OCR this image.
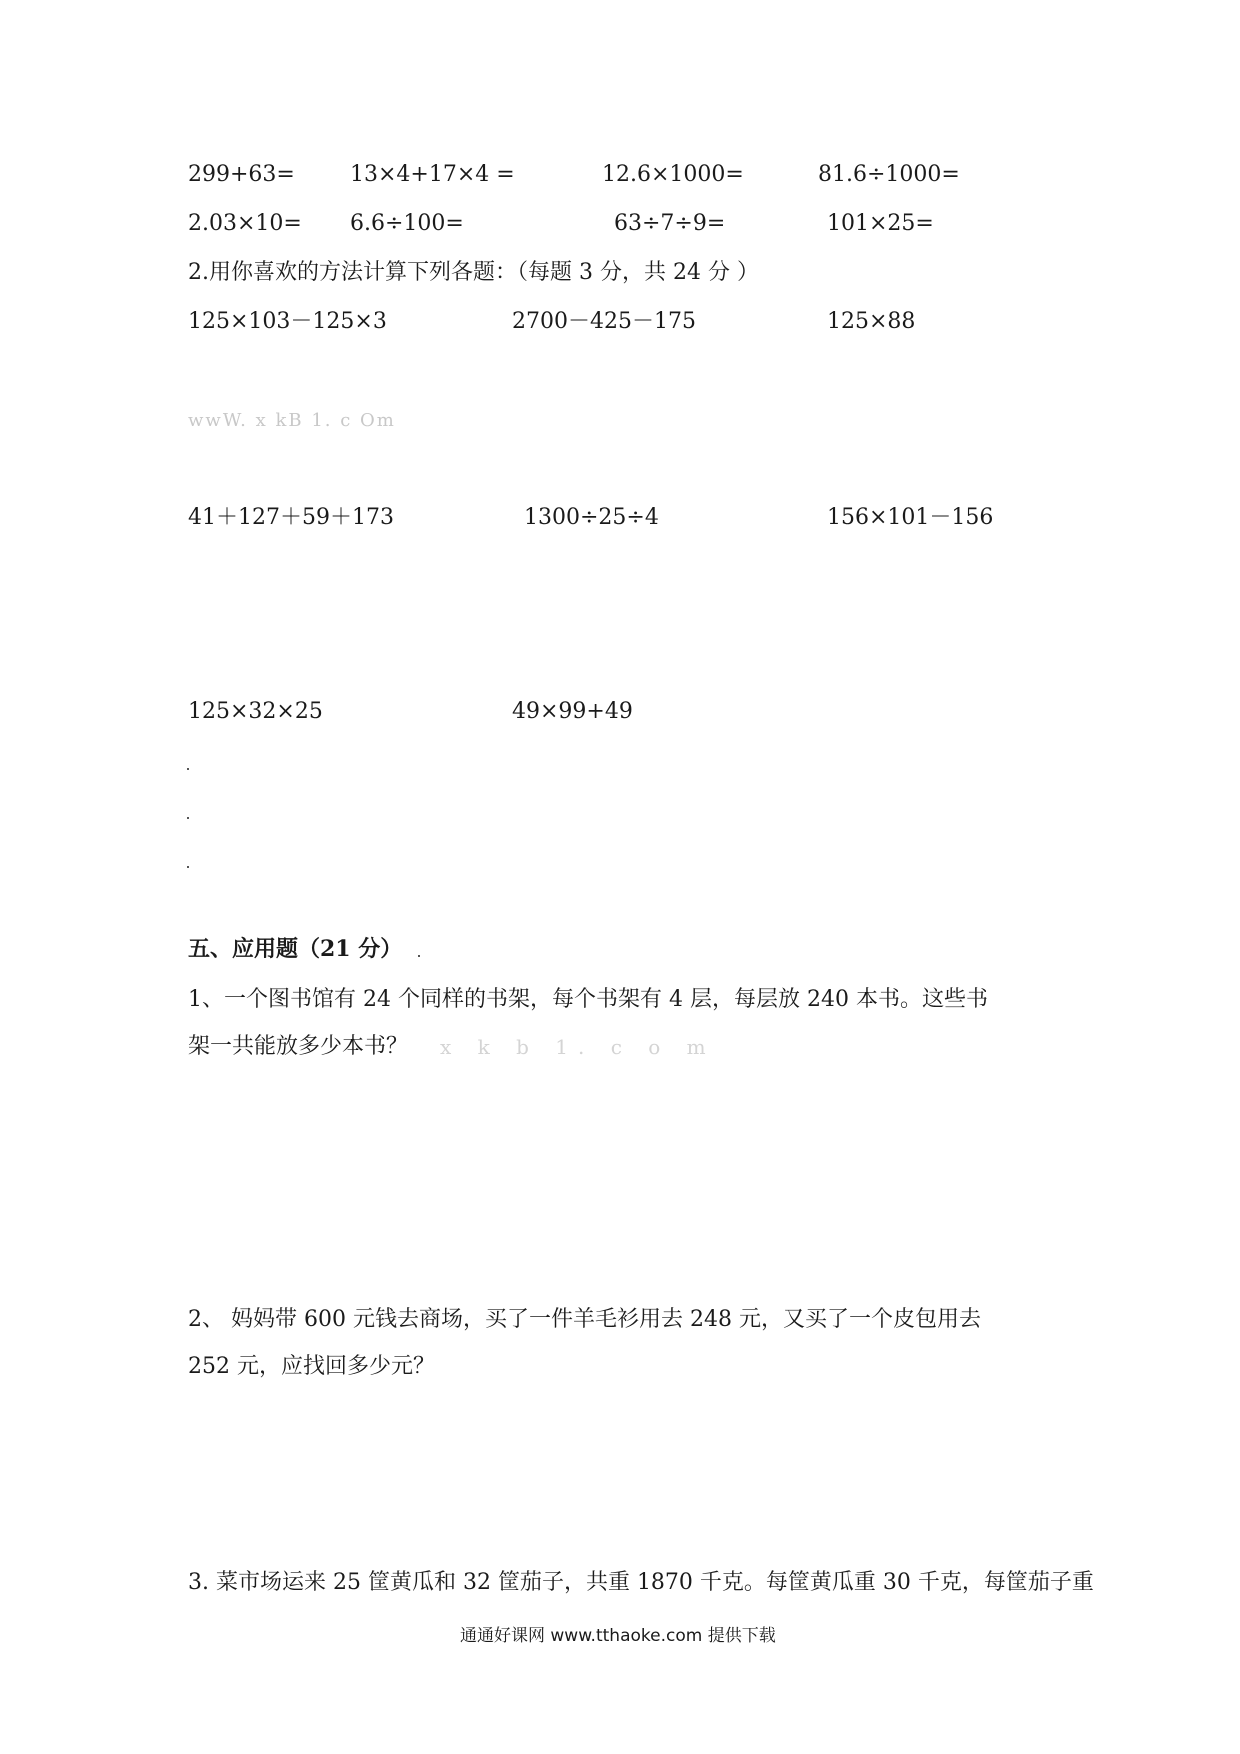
299+63=	13×4+17×4 =	12.6×1000=	81.6÷1000=
2.03×10= 6.6÷100=	63÷7÷9=	101×25=
2.用你喜欢的方法计算下列各题：（每题 3 分，共 24 分 ）
125×103－125×3	2700－425－175	125×88
wwW. x kB 1. c Om
41＋127＋59＋173	1300÷25÷4	156×101－156
125×32×25	49×99+49
五、应用题（21 分）
1、一个图书馆有 24 个同样的书架，每个书架有 4 层，每层放 240 本书。这些书
架一共能放多少本书？ x k b 1. c o m
2、 妈妈带 600 元钱去商场，买了一件羊毛衫用去 248 元，又买了一个皮包用去
252 元，应找回多少元？
3. 菜市场运来 25 筐黄瓜和 32 筐茄子，共重 1870 千克。每筐黄瓜重 30 千克，每筐茄子重
通通好课网 www.tthaoke.com 提供下载
